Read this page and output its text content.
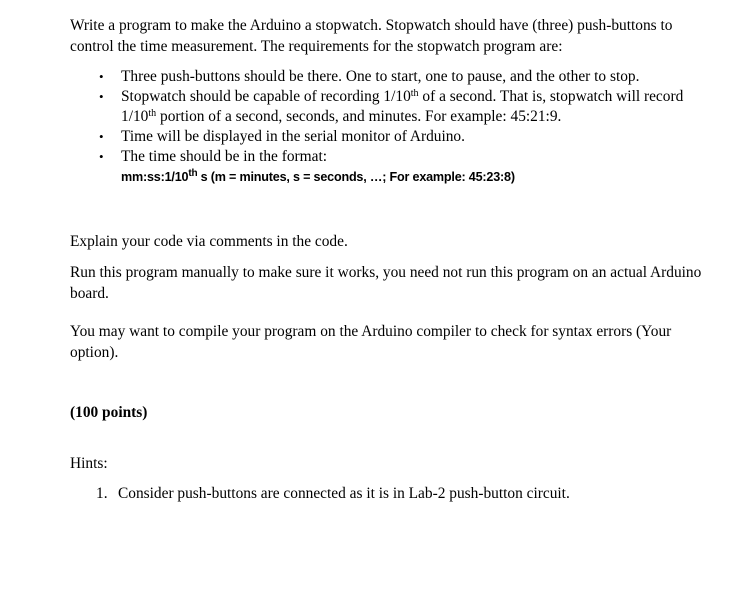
Write a program to make the Arduino a stopwatch. Stopwatch should have (three) push-buttons to control the time measurement. The requirements for the stopwatch program are:

• Three push-buttons should be there. One to start, one to pause, and the other to stop.
• Stopwatch should be capable of recording 1/10th of a second. That is, stopwatch will record 1/10th portion of a second, seconds, and minutes. For example: 45:21:9.
• Time will be displayed in the serial monitor of Arduino.
• The time should be in the format:
mm:ss:1/10th s (m = minutes, s = seconds, …; For example: 45:23:8)

Explain your code via comments in the code.

Run this program manually to make sure it works, you need not run this program on an actual Arduino board.

You may want to compile your program on the Arduino compiler to check for syntax errors (Your option).

(100 points)

Hints:

1. Consider push-buttons are connected as it is in Lab-2 push-button circuit.
